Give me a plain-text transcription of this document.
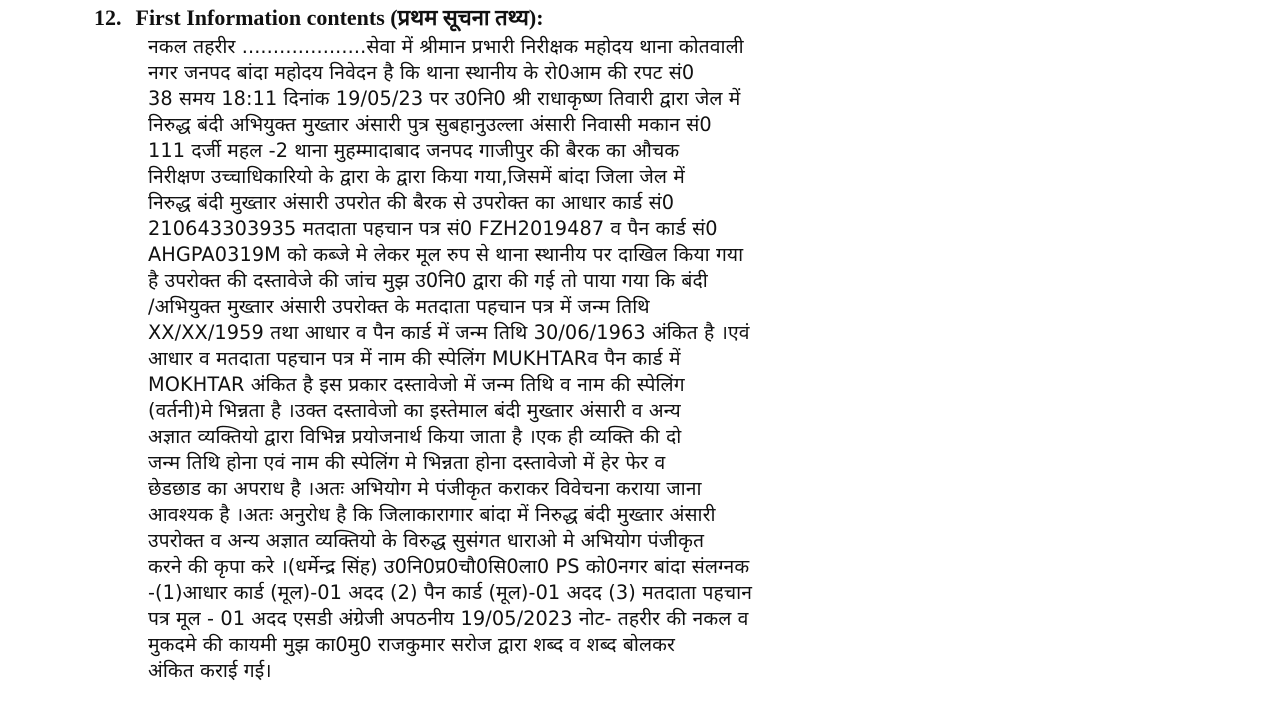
12. First Information contents (प्रथम सूचना तथ्य):
नकल तहरीर ....................सेवा में श्रीमान प्रभारी निरीक्षक महोदय थाना कोतवाली
नगर जनपद बांदा महोदय निवेदन है कि थाना स्थानीय के रो0आम की रपट सं0
38 समय 18:11 दिनांक 19/05/23 पर उ0नि0 श्री राधाकृष्ण तिवारी द्वारा जेल में
निरुद्ध बंदी अभियुक्त मुख्तार अंसारी पुत्र सुबहानुउल्ला अंसारी निवासी मकान सं0
111 दर्जी महल -2 थाना मुहम्मादाबाद जनपद गाजीपुर की बैरक का औचक
निरीक्षण उच्चाधिकारियो के द्वारा के द्वारा किया गया,जिसमें बांदा जिला जेल में
निरुद्ध बंदी मुख्तार अंसारी उपरोत की बैरक से उपरोक्त का आधार कार्ड सं0
210643303935 मतदाता पहचान पत्र सं0 FZH2019487 व पैन कार्ड सं0
AHGPA0319M को कब्जे मे लेकर मूल रुप से थाना स्थानीय पर दाखिल किया गया
है उपरोक्त की दस्तावेजे की जांच मुझ उ0नि0 द्वारा की गई तो पाया गया कि बंदी
/अभियुक्त मुख्तार अंसारी उपरोक्त के मतदाता पहचान पत्र में जन्म तिथि
XX/XX/1959 तथा आधार व पैन कार्ड में जन्म तिथि 30/06/1963 अंकित है ।एवं
आधार व मतदाता पहचान पत्र में नाम की स्पेलिंग MUKHTARव पैन कार्ड में
MOKHTAR अंकित है इस प्रकार दस्तावेजो में जन्म तिथि व नाम की स्पेलिंग
(वर्तनी)मे भिन्नता है ।उक्त दस्तावेजो का इस्तेमाल बंदी मुख्तार अंसारी व अन्य
अज्ञात व्यक्तियो द्वारा विभिन्न प्रयोजनार्थ किया जाता है ।एक ही व्यक्ति की दो
जन्म तिथि होना एवं नाम की स्पेलिंग मे भिन्नता होना दस्तावेजो में हेर फेर व
छेडछाड का अपराध है ।अतः अभियोग मे पंजीकृत कराकर विवेचना कराया जाना
आवश्यक है ।अतः अनुरोध है कि जिलाकारागार बांदा में निरुद्ध बंदी मुख्तार अंसारी
उपरोक्त व अन्य अज्ञात व्यक्तियो के विरुद्ध सुसंगत धाराओ मे अभियोग पंजीकृत
करने की कृपा करे ।(धर्मेन्द्र सिंह) उ0नि0प्र0चौ0सि0ला0 PS को0नगर बांदा संलग्नक
-(1)आधार कार्ड (मूल)-01 अदद (2) पैन कार्ड (मूल)-01 अदद (3) मतदाता पहचान
पत्र मूल - 01 अदद एसडी अंग्रेजी अपठनीय 19/05/2023 नोट- तहरीर की नकल व
मुकदमे की कायमी मुझ का0मु0 राजकुमार सरोज द्वारा शब्द व शब्द बोलकर
अंकित कराई गई।
